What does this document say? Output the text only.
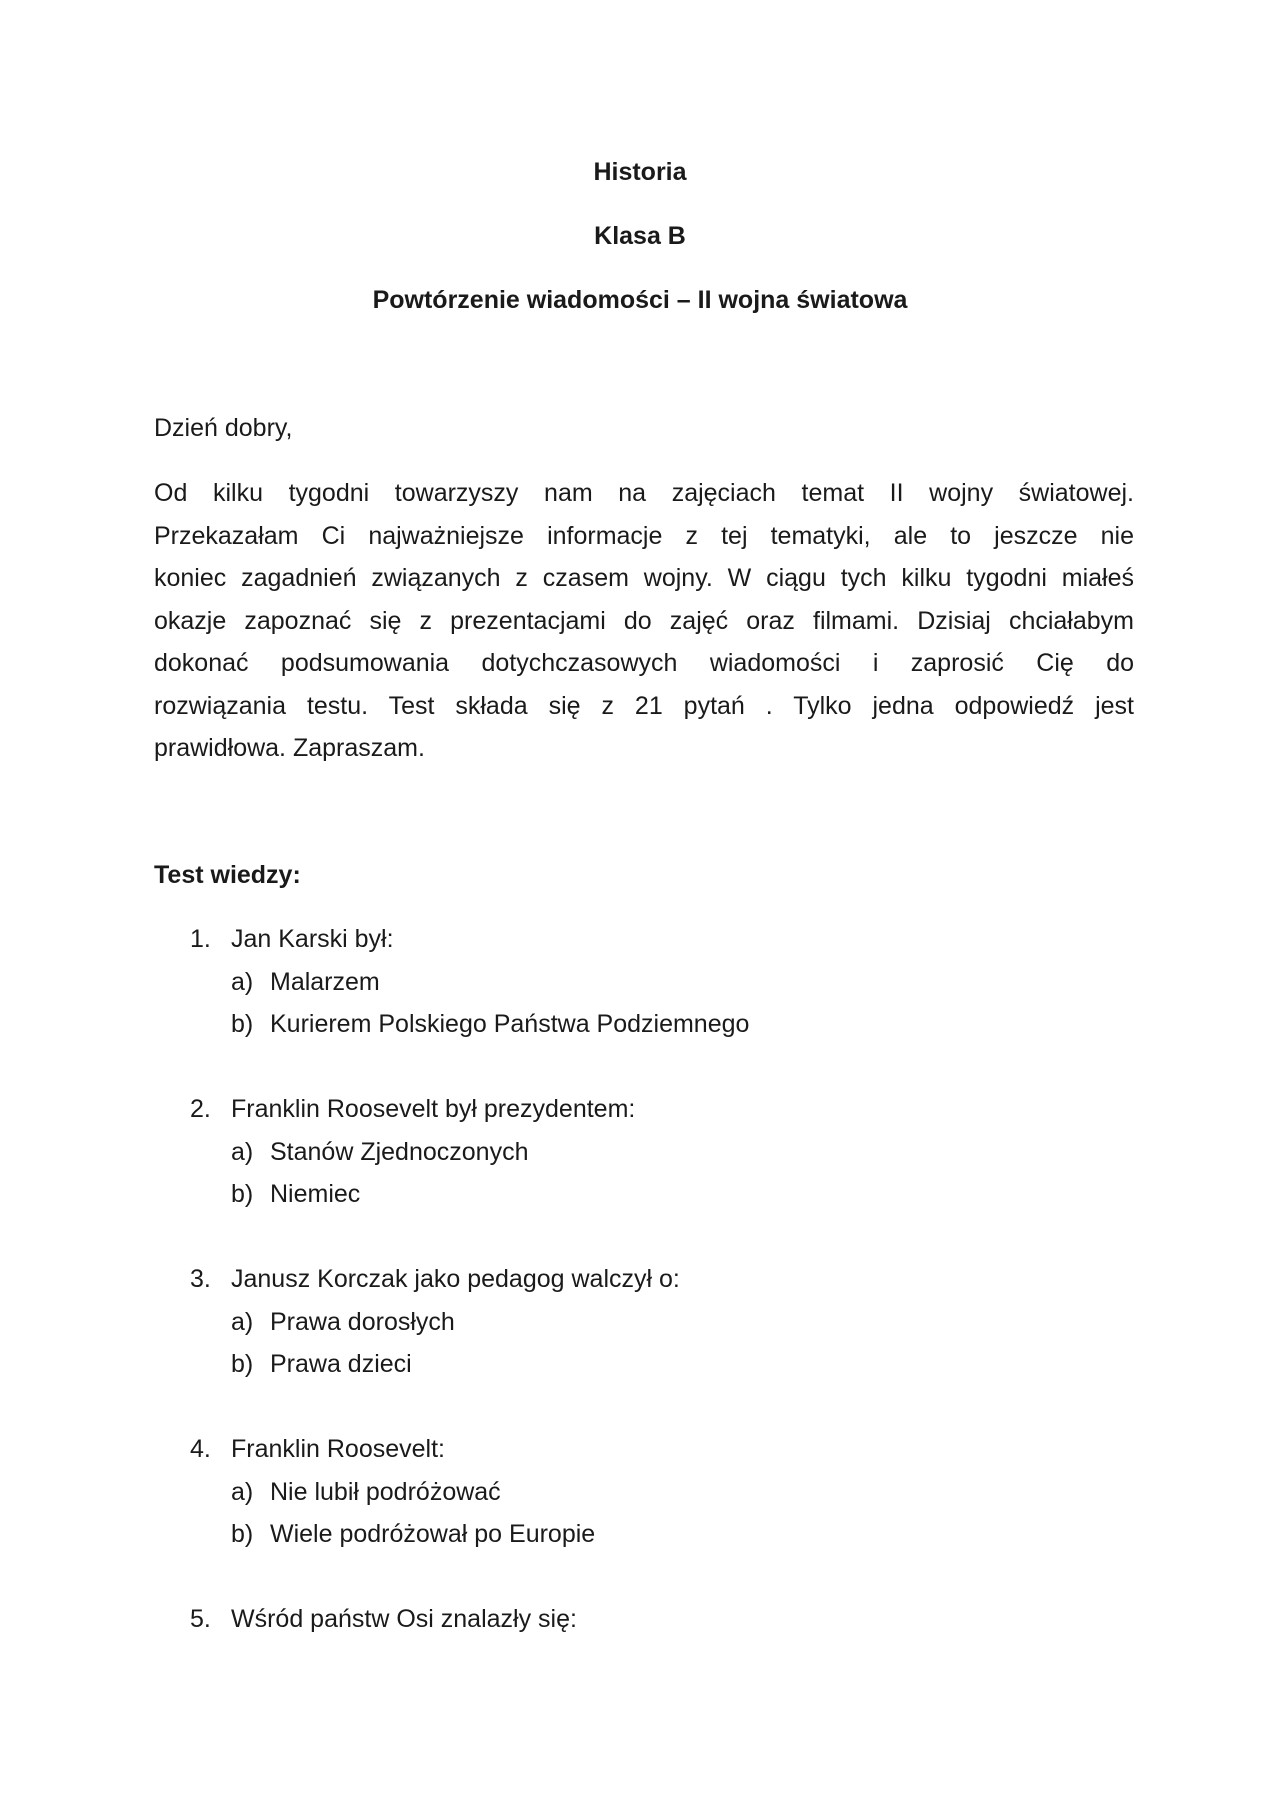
Historia
Klasa B
Powtórzenie wiadomości – II wojna światowa
Dzień dobry,
Od kilku tygodni towarzyszy nam na zajęciach temat II wojny światowej.
Przekazałam Ci najważniejsze informacje z tej tematyki, ale to jeszcze nie
koniec zagadnień związanych z czasem wojny. W ciągu tych kilku tygodni miałeś
okazje zapoznać się z prezentacjami do zajęć oraz filmami. Dzisiaj chciałabym
dokonać podsumowania dotychczasowych wiadomości i zaprosić Cię do
rozwiązania testu. Test składa się z 21 pytań . Tylko jedna odpowiedź jest
prawidłowa. Zapraszam.
Test wiedzy:
1. Jan Karski był:
a) Malarzem
b) Kurierem Polskiego Państwa Podziemnego
2. Franklin Roosevelt był prezydentem:
a) Stanów Zjednoczonych
b) Niemiec
3. Janusz Korczak jako pedagog walczył o:
a) Prawa dorosłych
b) Prawa dzieci
4. Franklin Roosevelt:
a) Nie lubił podróżować
b) Wiele podróżował po Europie
5. Wśród państw Osi znalazły się:
